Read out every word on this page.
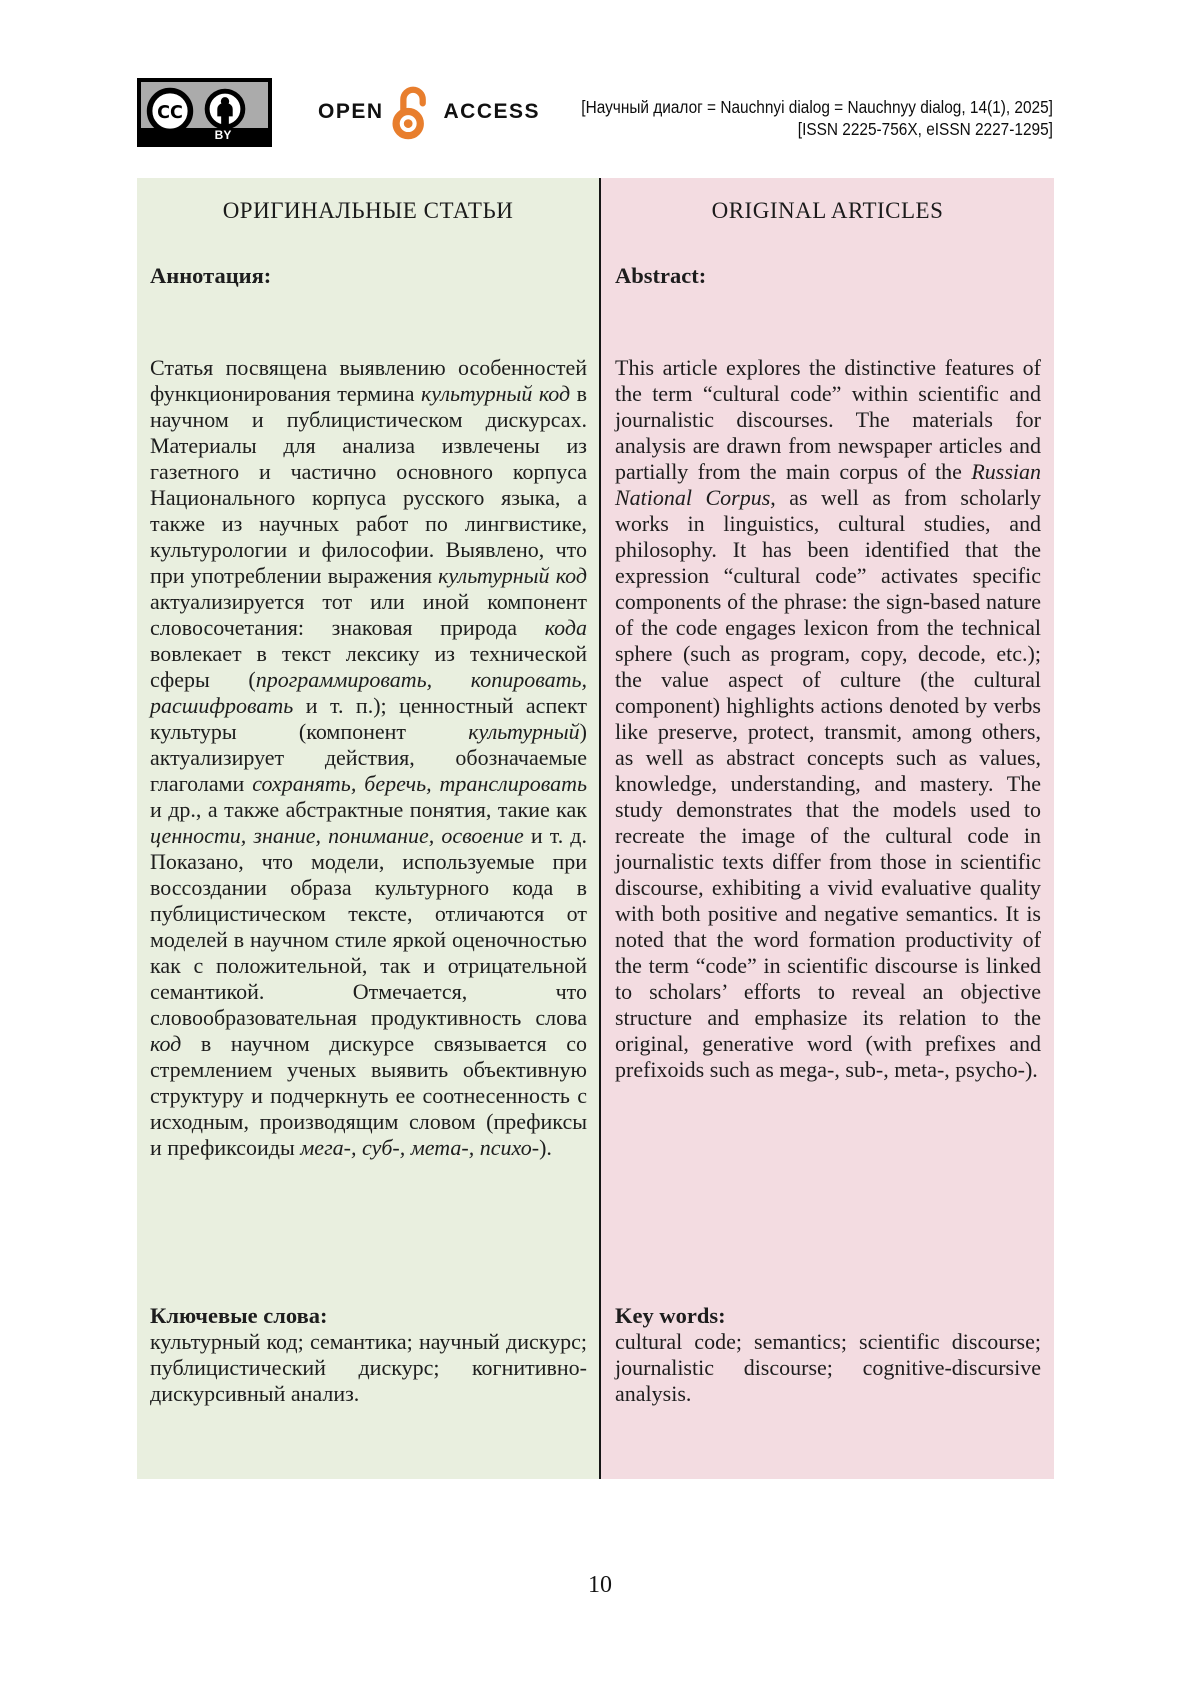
CC
BY
OPEN	ACCESS [Научный диалог = Nauchnyi dialog = Nauchnyy dialog, 14(1), 2025]
[ISSN 2225-756X, eISSN 2227-1295]
ОРИГИНАЛЬНЫЕ СТАТЬИ
Аннотация:

Статья посвящена выявлению особенностей функционирования термина культурный код в научном и публицистическом дискурсах. Материалы для анализа извлечены из газетного и частично основного корпуса Национального корпуса русского языка, а также из научных работ по лингвистике, культурологии и философии. Выявлено, что при употреблении выражения культурный код актуализируется тот или иной компонент словосочетания: знаковая природа кода вовлекает в текст лексику из технической сферы (программировать, копировать, расшифровать и т. п.); ценностный аспект культуры (компонент культурный) актуализирует действия, обозначаемые глаголами сохранять, беречь, транслировать и др., а также абстрактные понятия, такие как ценности, знание, понимание, освоение и т. д. Показано, что модели, используемые при воссоздании образа культурного кода в публицистическом тексте, отличаются от моделей в научном стиле яркой оценочностью как с положительной, так и отрицательной семантикой. Отмечается, что словообразовательная продуктивность слова код в научном дискурсе связывается со стремлением ученых выявить объективную структуру и подчеркнуть ее соотнесенность с исходным, производящим словом (префиксы и префиксоиды мега-, суб-, мета-, психо-).

Ключевые слова:

культурный код; семантика; научный дискурс; публицистический дискурс; когнитивно-дискурсивный анализ.

ORIGINAL ARTICLES
Abstract:

This article explores the distinctive features of the term “cultural code” within scientific and journalistic discourses. The materials for analysis are drawn from newspaper articles and partially from the main corpus of the Russian National Corpus, as well as from scholarly works in linguistics, cultural studies, and philosophy. It has been identified that the expression “cultural code” activates specific components of the phrase: the sign-based nature of the code engages lexicon from the technical sphere (such as program, copy, decode, etc.); the value aspect of culture (the cultural component) highlights actions denoted by verbs like preserve, protect, transmit, among others, as well as abstract concepts such as values, knowledge, understanding, and mastery. The study demonstrates that the models used to recreate the image of the cultural code in journalistic texts differ from those in scientific discourse, exhibiting a vivid evaluative quality with both positive and negative semantics. It is noted that the word formation productivity of the term “code” in scientific discourse is linked to scholars’ efforts to reveal an objective structure and emphasize its relation to the original, generative word (with prefixes and prefixoids such as mega-, sub-, meta-, psycho-).

Key words:

cultural code; semantics; scientific discourse; journalistic discourse; cognitive-discursive analysis.

10
